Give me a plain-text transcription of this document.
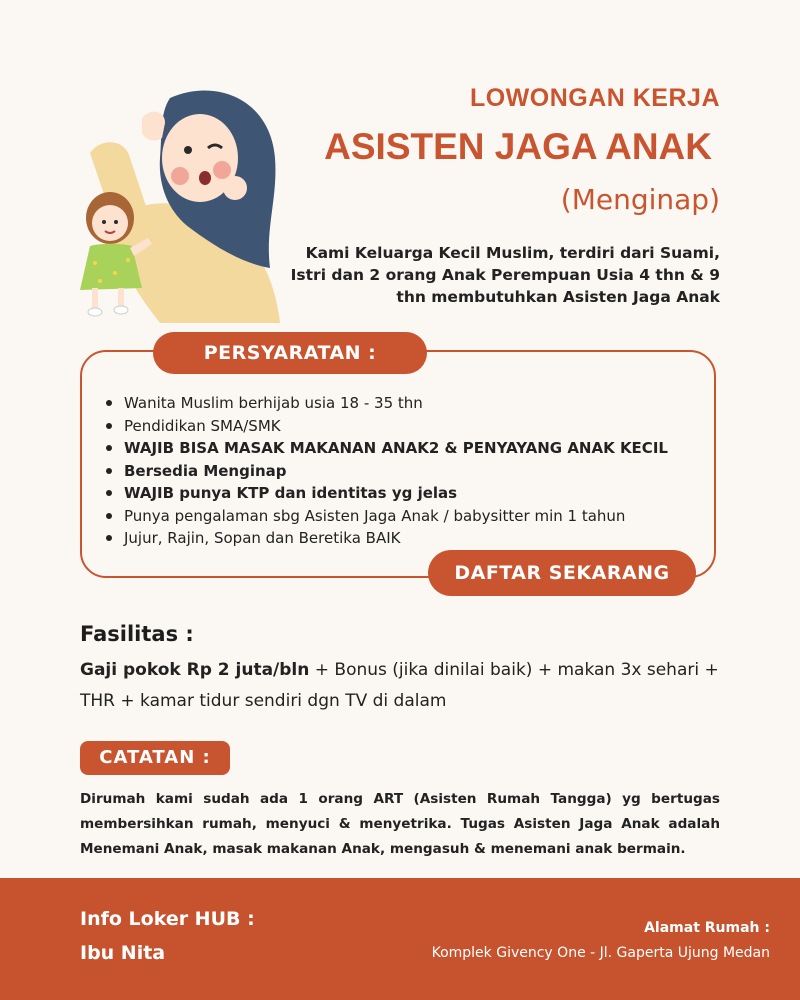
LOWONGAN KERJA
ASISTEN JAGA ANAK
(Menginap)
Kami Keluarga Kecil Muslim, terdiri dari Suami, Istri dan 2 orang Anak Perempuan Usia 4 thn & 9 thn membutuhkan Asisten Jaga Anak
PERSYARATAN :
Wanita Muslim berhijab usia 18 - 35 thn
Pendidikan SMA/SMK
WAJIB BISA MASAK MAKANAN ANAK2 & PENYAYANG ANAK KECIL
Bersedia Menginap
WAJIB punya KTP dan identitas yg jelas
Punya pengalaman sbg Asisten Jaga Anak / babysitter min 1 tahun
Jujur, Rajin, Sopan dan Beretika BAIK
DAFTAR SEKARANG
Fasilitas :
Gaji pokok Rp 2 juta/bln + Bonus (jika dinilai baik) + makan 3x sehari + THR + kamar tidur sendiri dgn TV di dalam
CATATAN :
Dirumah kami sudah ada 1 orang ART (Asisten Rumah Tangga) yg bertugas membersihkan rumah, menyuci & menyetrika. Tugas Asisten Jaga Anak adalah Menemani Anak, masak makanan Anak, mengasuh & menemani anak bermain.
Info Loker HUB :
Ibu Nita
Alamat Rumah :
Komplek Givency One - Jl. Gaperta Ujung Medan
